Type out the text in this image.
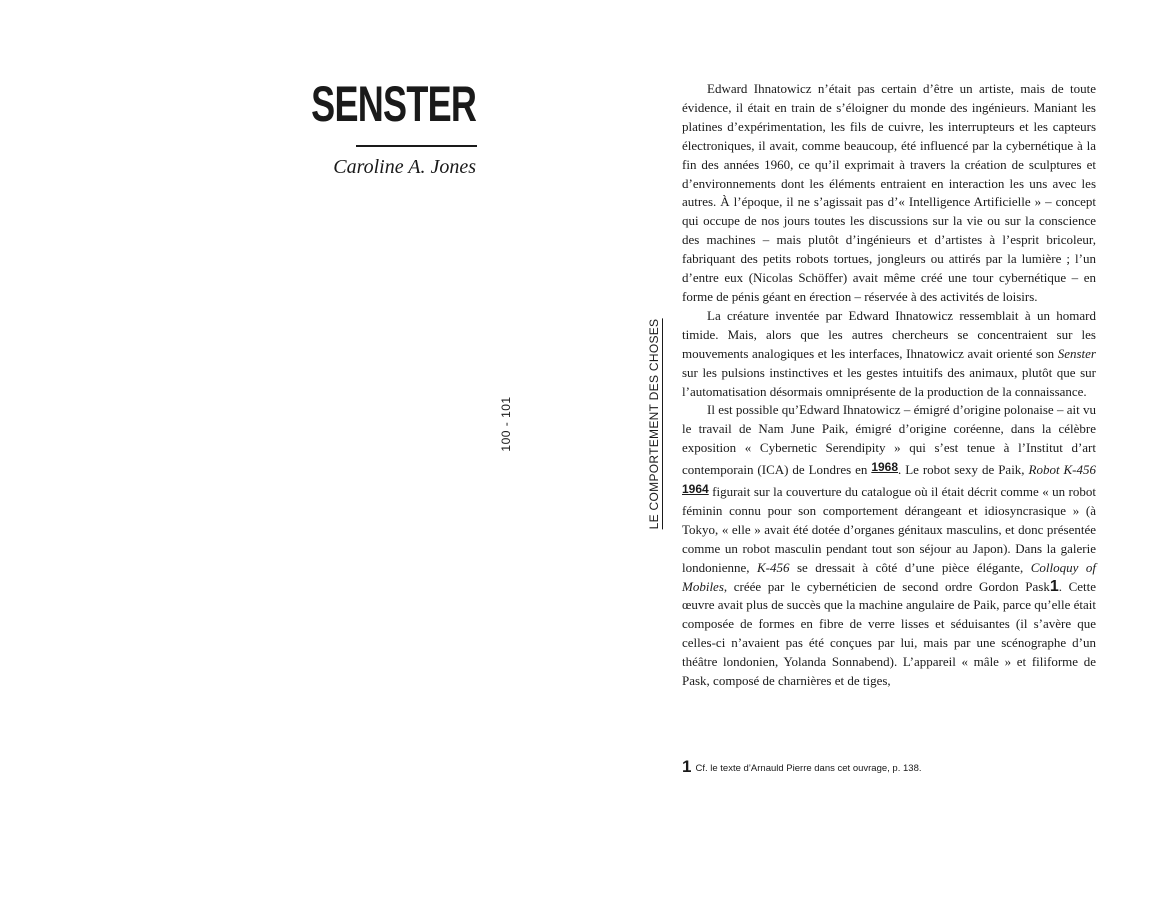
SENSTER
Caroline A. Jones
100 - 101	LE COMPORTEMENT DES CHOSES

Edward Ihnatowicz n’était pas certain d’être un artiste, mais de toute évidence, il était en train de s’éloigner du monde des ingénieurs. Maniant les platines d’expérimentation, les fils de cuivre, les interrupteurs et les capteurs électroniques, il avait, comme beaucoup, été influencé par la cybernétique à la fin des années 1960, ce qu’il exprimait à travers la création de sculptures et d’environnements dont les éléments entraient en interaction les uns avec les autres. À l’époque, il ne s’agissait pas d’« Intelligence Artificielle » – concept qui occupe de nos jours toutes les discussions sur la vie ou sur la conscience des machines – mais plutôt d’ingénieurs et d’artistes à l’esprit bricoleur, fabriquant des petits robots tortues, jongleurs ou attirés par la lumière ; l’un d’entre eux (Nicolas Schöffer) avait même créé une tour cybernétique – en forme de pénis géant en érection – réservée à des activités de loisirs.

La créature inventée par Edward Ihnatowicz ressemblait à un homard timide. Mais, alors que les autres chercheurs se concentraient sur les mouvements analogiques et les interfaces, Ihnatowicz avait orienté son Senster sur les pulsions instinctives et les gestes intuitifs des animaux, plutôt que sur l’automatisation désormais omniprésente de la production de la connaissance.

Il est possible qu’Edward Ihnatowicz – émigré d’origine polonaise – ait vu le travail de Nam June Paik, émigré d’origine coréenne, dans la célèbre exposition « Cybernetic Serendipity » qui s’est tenue à l’Institut d’art contemporain (ICA) de Londres en 1968. Le robot sexy de Paik, Robot K-456 1964 figurait sur la couverture du catalogue où il était décrit comme « un robot féminin connu pour son comportement dérangeant et idiosyncrasique » (à Tokyo, « elle » avait été dotée d’organes génitaux masculins, et donc présentée comme un robot masculin pendant tout son séjour au Japon). Dans la galerie londonienne, K-456 se dressait à côté d’une pièce élégante, Colloquy of Mobiles, créée par le cybernéticien de second ordre Gordon Pask1. Cette œuvre avait plus de succès que la machine angulaire de Paik, parce qu’elle était composée de formes en fibre de verre lisses et séduisantes (il s’avère que celles-ci n’avaient pas été conçues par lui, mais par une scénographe d’un théâtre londonien, Yolanda Sonnabend). L’appareil « mâle » et filiforme de Pask, composé de charnières et de tiges,

1 Cf. le texte d’Arnauld Pierre dans cet ouvrage, p. 138.
